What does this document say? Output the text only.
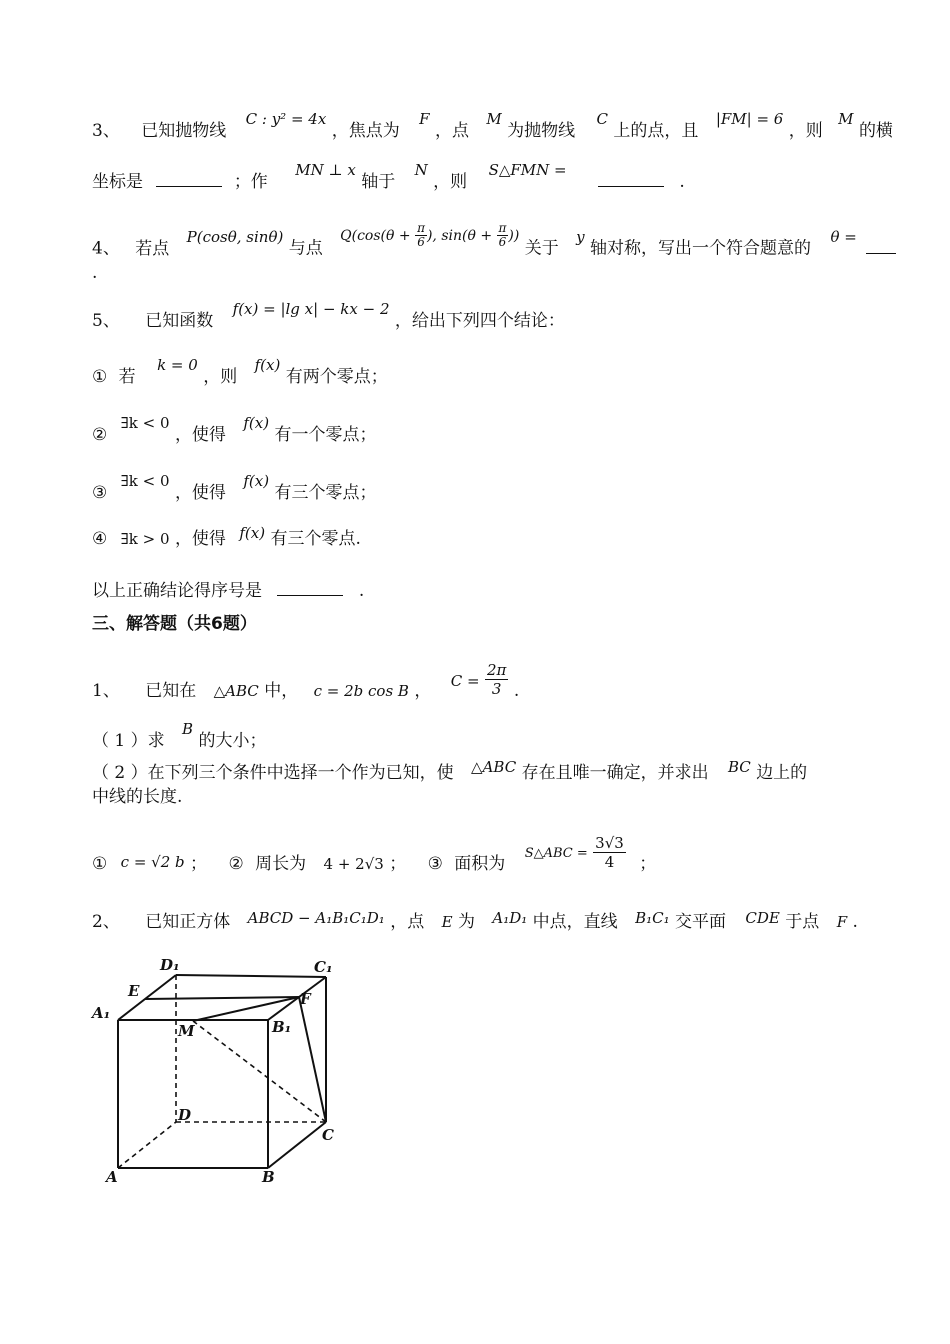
3、 已知抛物线 C : y² = 4x ，焦点为 F ，点 M 为抛物线 C 上的点，且 |FM| = 6 ，则 M 的横
坐标是	；作 MN ⊥ x 轴于 N ，则 S△FMN =  .
4、 若点 P(cosθ, sinθ) 与点 $^{Q(cos(\theta + \frac{\pi}{6} ), sin(\theta + \frac{\pi}{6} ))}$ 关于 y 轴对称，写出一个符合题意的 θ =
.
5、 已知函数 f(x) = |lg x| − kx − 2 ，给出下列四个结论：
① 若 k = 0 ，则 f(x) 有两个零点；
② ∃k < 0 ，使得 f(x) 有一个零点；
③ ∃k < 0 ，使得 f(x) 有三个零点；
④ ∃k > 0 ，使得 f(x) 有三个零点.
以上正确结论得序号是	.
三、解答题（共6题）
1、 已知在 △ABC 中， c = 2b cos B ， $C = \frac{2\pi}{3}$ .
（ 1 ）求 B 的大小；
（ 2 ）在下列三个条件中选择一个作为已知，使 △ABC 存在且唯一确定，并求出 BC 边上的
中线的长度.
① c = √2 b ； ② 周长为 4 + 2√3 ； ③ 面积为 $^{S\triangle ABC =} \frac{3√3}{4}$ ；
2、 已知正方体 ABCD − A₁B₁C₁D₁ ，点 E 为 A₁D₁ 中点，直线 B₁C₁ 交平面 CDE 于点 F .
D₁	C₁
E	F
A₁
M	B₁
D
C
A	B
